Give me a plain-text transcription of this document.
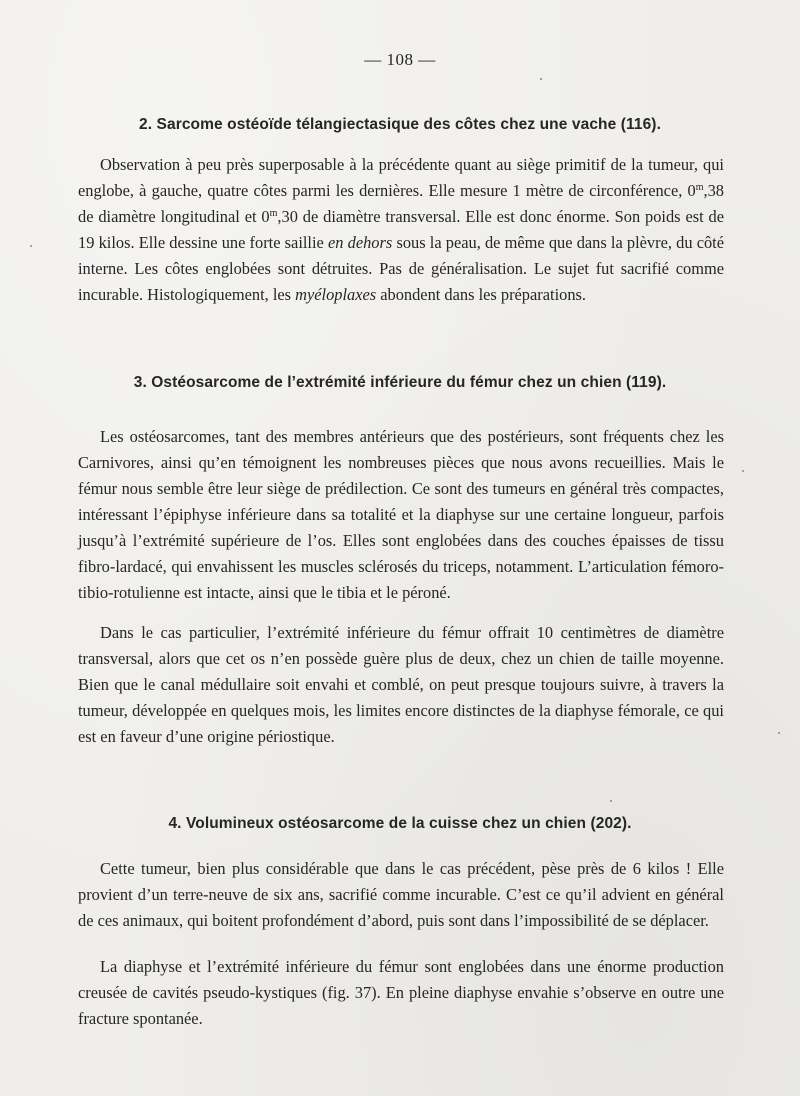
— 108 —
2. Sarcome ostéoïde télangiectasique des côtes chez une vache (116).

Observation à peu près superposable à la précédente quant au siège primitif de la tumeur, qui englobe, à gauche, quatre côtes parmi les dernières. Elle mesure 1 mètre de circonférence, 0$^m$,38 de diamètre longitudinal et 0$^m$,30 de diamètre transversal. Elle est donc énorme. Son poids est de 19 kilos. Elle dessine une forte saillie en dehors sous la peau, de même que dans la plèvre, du côté interne. Les côtes englobées sont détruites. Pas de généralisation. Le sujet fut sacrifié comme incurable. Histologiquement, les myéloplaxes abondent dans les préparations.

3. Ostéosarcome de l’extrémité inférieure du fémur chez un chien (119).

Les ostéosarcomes, tant des membres antérieurs que des postérieurs, sont fréquents chez les Carnivores, ainsi qu’en témoignent les nombreuses pièces que nous avons recueillies. Mais le fémur nous semble être leur siège de prédilection. Ce sont des tumeurs en général très compactes, intéressant l’épiphyse inférieure dans sa totalité et la diaphyse sur une certaine longueur, parfois jusqu’à l’extrémité supérieure de l’os. Elles sont englobées dans des couches épaisses de tissu fibro-lardacé, qui envahissent les muscles sclérosés du triceps, notamment. L’articulation fémoro-tibio-rotulienne est intacte, ainsi que le tibia et le péroné.

Dans le cas particulier, l’extrémité inférieure du fémur offrait 10 centimètres de diamètre transversal, alors que cet os n’en possède guère plus de deux, chez un chien de taille moyenne. Bien que le canal médullaire soit envahi et comblé, on peut presque toujours suivre, à travers la tumeur, développée en quelques mois, les limites encore distinctes de la diaphyse fémorale, ce qui est en faveur d’une origine périostique.

4. Volumineux ostéosarcome de la cuisse chez un chien (202).

Cette tumeur, bien plus considérable que dans le cas précédent, pèse près de 6 kilos ! Elle provient d’un terre-neuve de six ans, sacrifié comme incurable. C’est ce qu’il advient en général de ces animaux, qui boitent profondément d’abord, puis sont dans l’impossibilité de se déplacer.

La diaphyse et l’extrémité inférieure du fémur sont englobées dans une énorme production creusée de cavités pseudo-kystiques (fig. 37). En pleine diaphyse envahie s’observe en outre une fracture spontanée.
